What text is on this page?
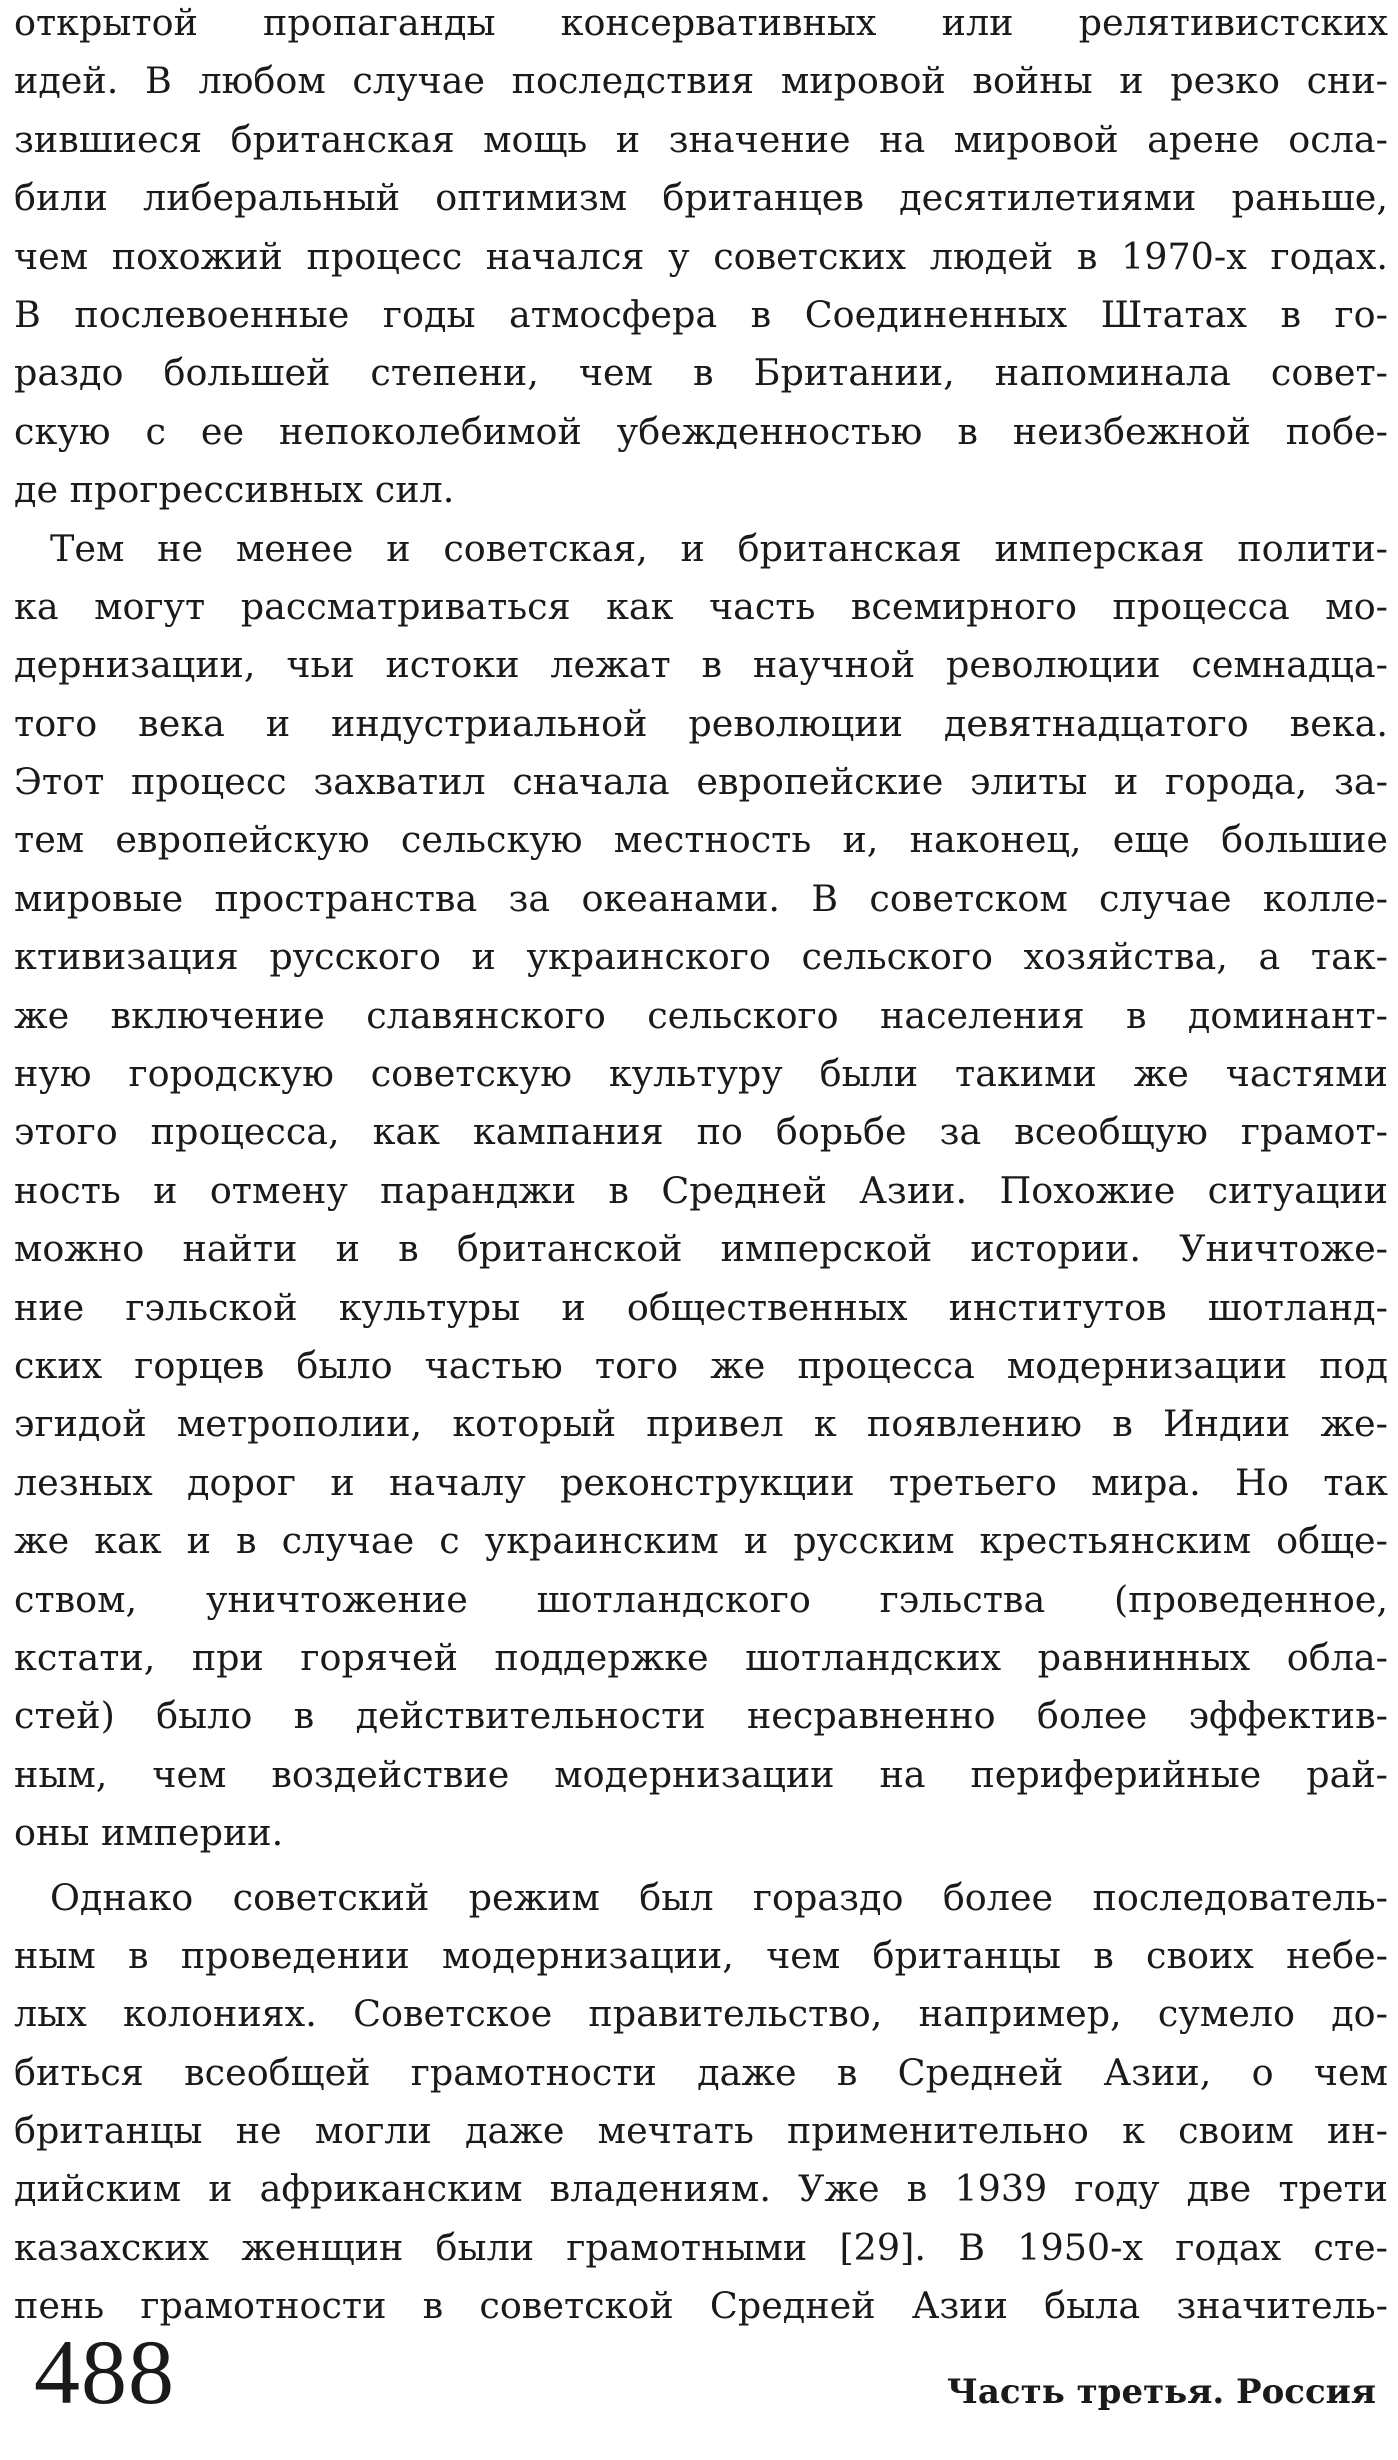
открытой пропаганды консервативных или релятивистских
идей. В любом случае последствия мировой войны и резко сни-
зившиеся британская мощь и значение на мировой арене осла-
били либеральный оптимизм британцев десятилетиями раньше,
чем похожий процесс начался у советских людей в 1970-х годах.
В послевоенные годы атмосфера в Соединенных Штатах в го-
раздо большей степени, чем в Британии, напоминала совет-
скую с ее непоколебимой убежденностью в неизбежной побе-
де прогрессивных сил.
Тем не менее и советская, и британская имперская полити-
ка могут рассматриваться как часть всемирного процесса мо-
дернизации, чьи истоки лежат в научной революции семнадца-
того века и индустриальной революции девятнадцатого века.
Этот процесс захватил сначала европейские элиты и города, за-
тем европейскую сельскую местность и, наконец, еще большие
мировые пространства за океанами. В советском случае колле-
ктивизация русского и украинского сельского хозяйства, а так-
же включение славянского сельского населения в доминант-
ную городскую советскую культуру были такими же частями
этого процесса, как кампания по борьбе за всеобщую грамот-
ность и отмену паранджи в Средней Азии. Похожие ситуации
можно найти и в британской имперской истории. Уничтоже-
ние гэльской культуры и общественных институтов шотланд-
ских горцев было частью того же процесса модернизации под
эгидой метрополии, который привел к появлению в Индии же-
лезных дорог и началу реконструкции третьего мира. Но так
же как и в случае с украинским и русским крестьянским обще-
ством, уничтожение шотландского гэльства (проведенное,
кстати, при горячей поддержке шотландских равнинных обла-
стей) было в действительности несравненно более эффектив-
ным, чем воздействие модернизации на периферийные рай-
оны империи.
Однако советский режим был гораздо более последователь-
ным в проведении модернизации, чем британцы в своих небе-
лых колониях. Советское правительство, например, сумело до-
биться всеобщей грамотности даже в Средней Азии, о чем
британцы не могли даже мечтать применительно к своим ин-
дийским и африканским владениям. Уже в 1939 году две трети
казахских женщин были грамотными [29]. В 1950-х годах сте-
пень грамотности в советской Средней Азии была значитель-
488	Часть третья. Россия
